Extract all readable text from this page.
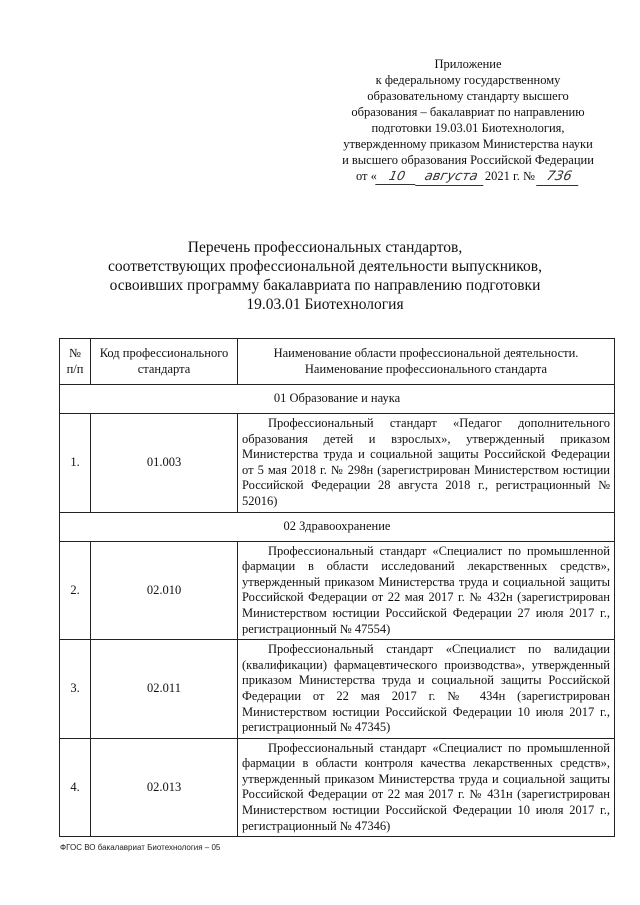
Приложение
к федеральному государственному
образовательному стандарту высшего
образования – бакалавриат по направлению
подготовки 19.03.01 Биотехнология,
утвержденному приказом Министерства науки
и высшего образования Российской Федерации
от « 10 августа 2021 г. № 736
Перечень профессиональных стандартов,
соответствующих профессиональной деятельности выпускников,
освоивших программу бакалавриата по направлению подготовки
19.03.01 Биотехнология
№ п/п	Код профессионального стандарта	Наименование области профессиональной деятельности. Наименование профессионального стандарта
01 Образование и наука		
1.	01.003	Профессиональный стандарт «Педагог дополнительного образования детей и взрослых», утвержденный приказом Министерства труда и социальной защиты Российской Федерации от 5 мая 2018 г. № 298н (зарегистрирован Министерством юстиции Российской Федерации 28 августа 2018 г., регистрационный № 52016)
02 Здравоохранение		
2.	02.010	Профессиональный стандарт «Специалист по промышленной фармации в области исследований лекарственных средств», утвержденный приказом Министерства труда и социальной защиты Российской Федерации от 22 мая 2017 г. № 432н (зарегистрирован Министерством юстиции Российской Федерации 27 июля 2017 г., регистрационный № 47554)
3.	02.011	Профессиональный стандарт «Специалист по валидации (квалификации) фармацевтического производства», утвержденный приказом Министерства труда и социальной защиты Российской Федерации от 22 мая 2017 г. № 434н (зарегистрирован Министерством юстиции Российской Федерации 10 июля 2017 г., регистрационный № 47345)
4.	02.013	Профессиональный стандарт «Специалист по промышленной фармации в области контроля качества лекарственных средств», утвержденный приказом Министерства труда и социальной защиты Российской Федерации от 22 мая 2017 г. № 431н (зарегистрирован Министерством юстиции Российской Федерации 10 июля 2017 г., регистрационный № 47346)
ФГОС ВО бакалавриат Биотехнология – 05
